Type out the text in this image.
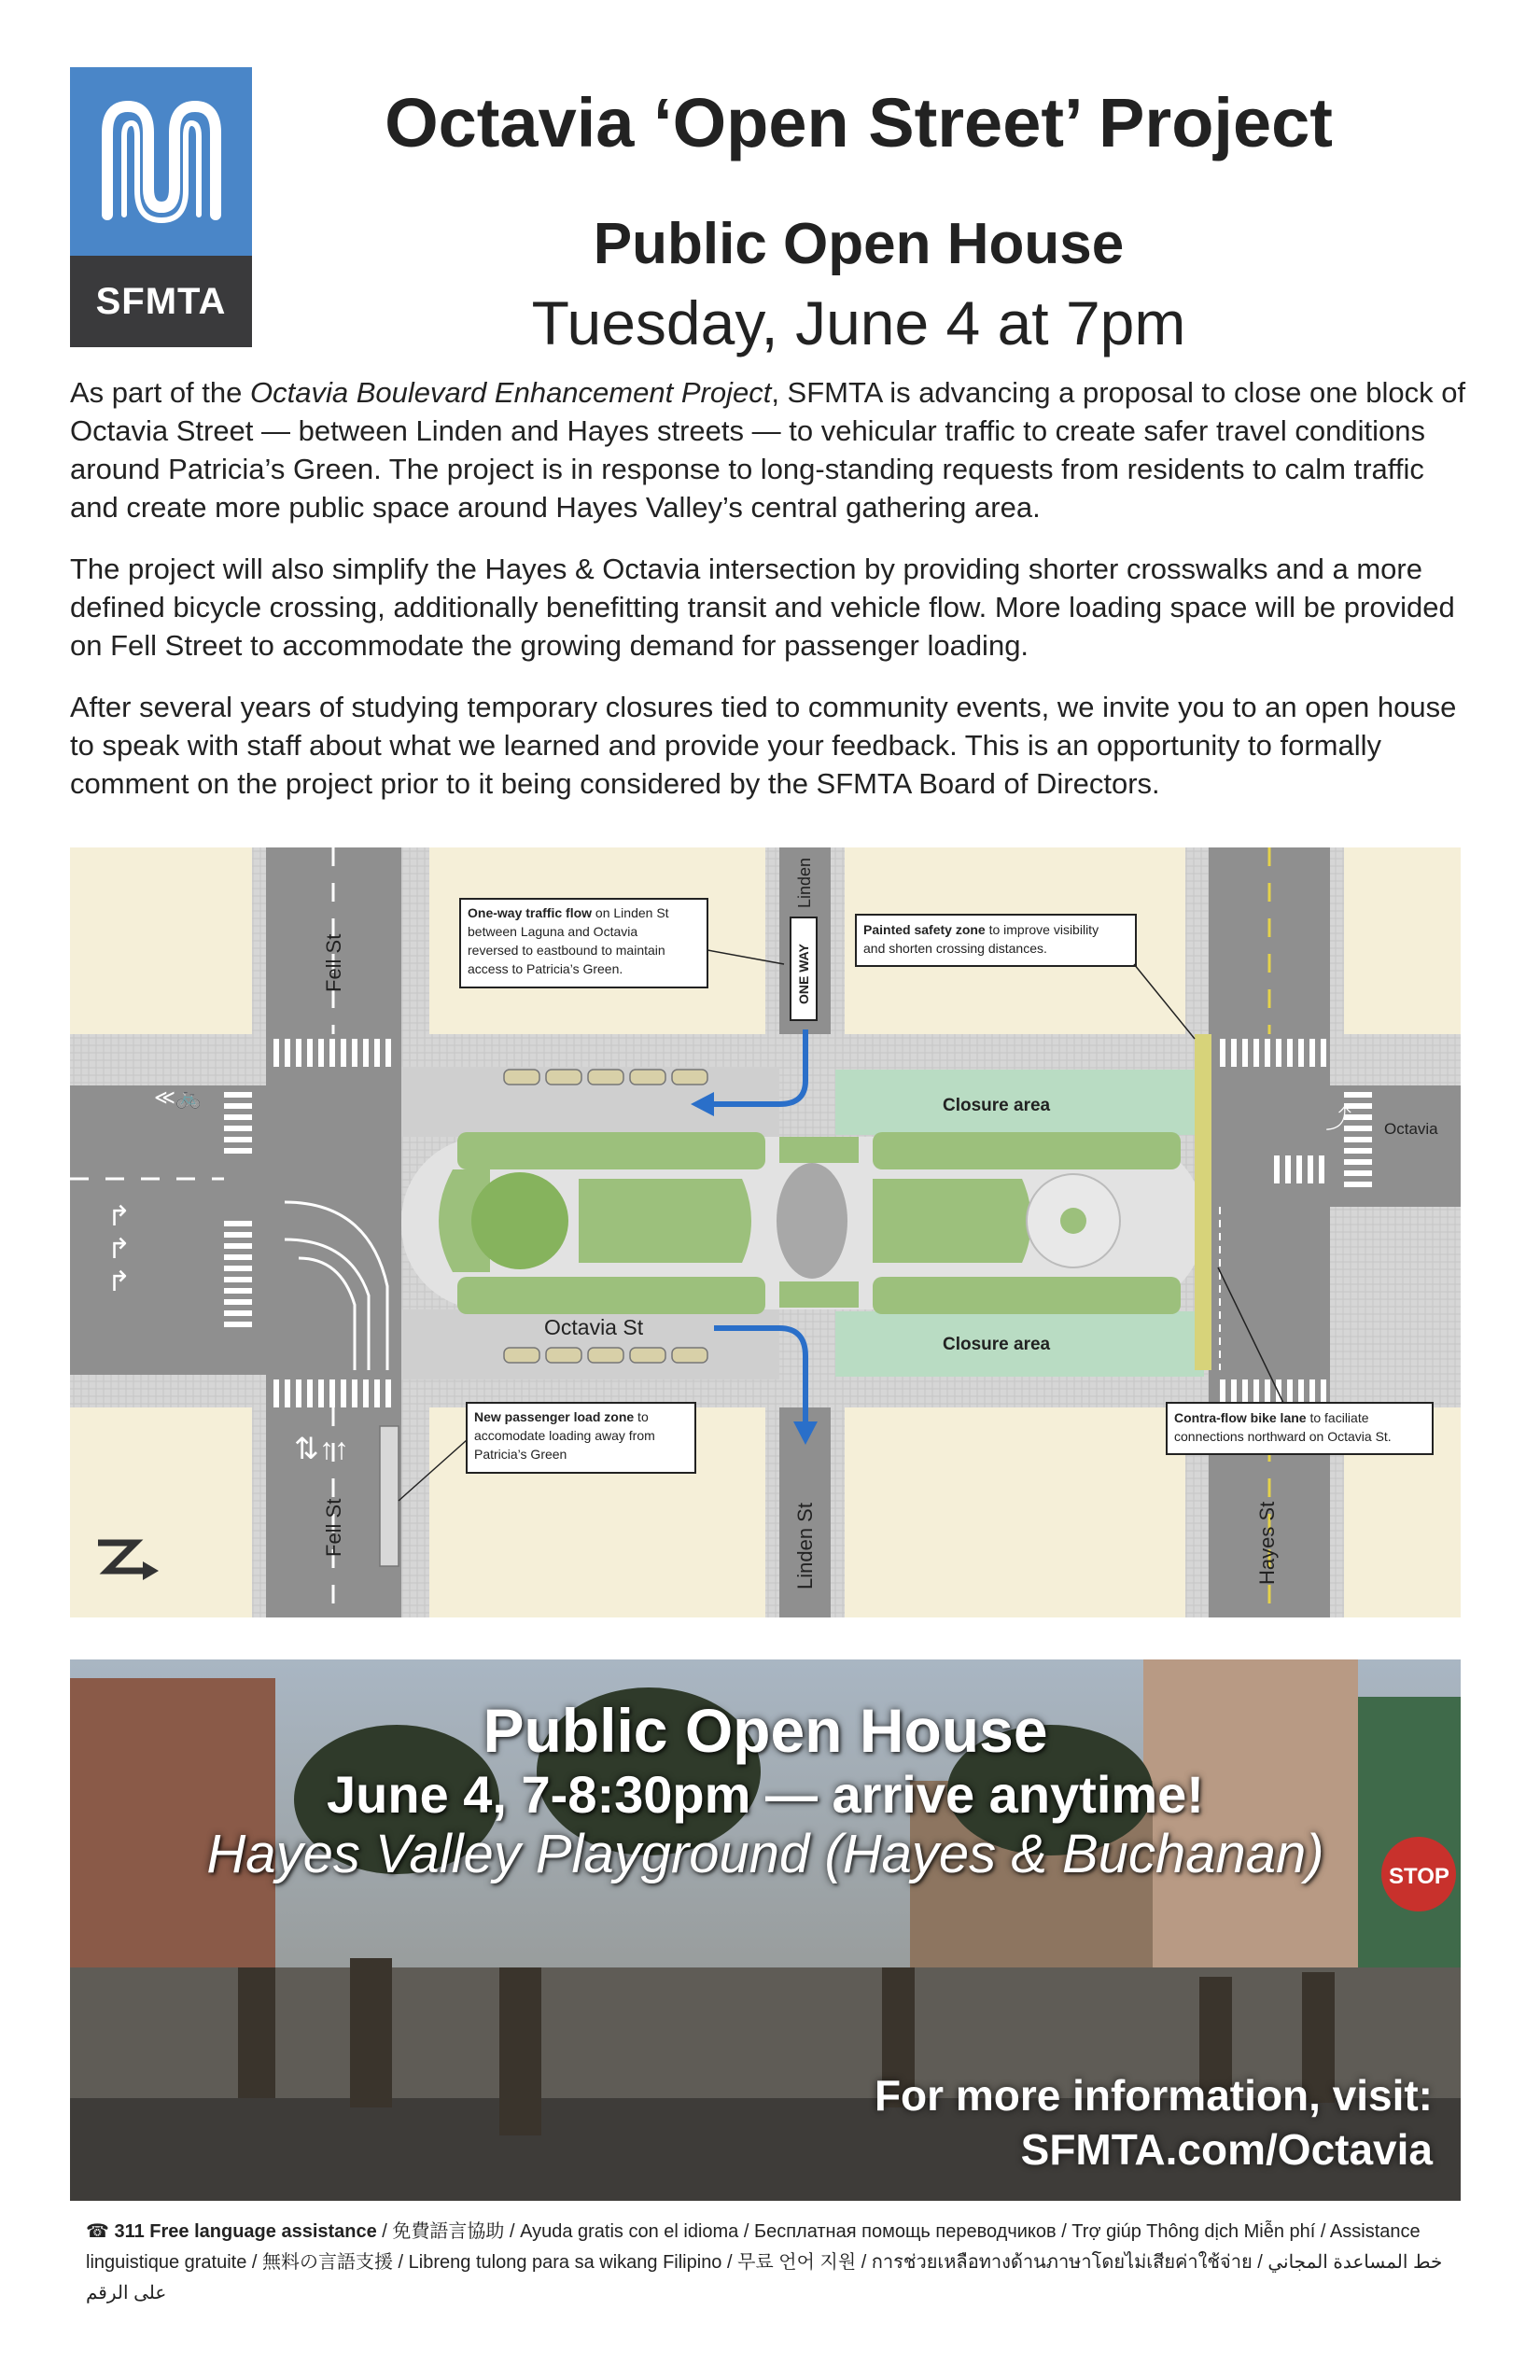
SFMTA
Octavia ‘Open Street’ Project
Public Open House
Tuesday, June 4 at 7pm

As part of the Octavia Boulevard Enhancement Project, SFMTA is advancing a proposal to close one block of Octavia Street — between Linden and Hayes streets — to vehicular traffic to create safer travel conditions around Patricia’s Green. The project is in response to long-standing requests from residents to calm traffic and create more public space around Hayes Valley’s central gathering area.

The project will also simplify the Hayes & Octavia intersection by providing shorter crosswalks and a more defined bicycle crossing, additionally benefitting transit and vehicle flow. More loading space will be provided on Fell Street to accommodate the growing demand for passenger loading.

After several years of studying temporary closures tied to community events, we invite you to an open house to speak with staff about what we learned and provide your feedback. This is an opportunity to formally comment on the project prior to it being considered by the SFMTA Board of Directors.

ONE WAY
Fell St
Fell St
Linden
Linden St	Hayes St
Octavia St
Octavia
Closure area
Closure area
↱
↱
↱
⇅↑↑
⤴
≪🚲
One-way traffic flow on Linden St
between Laguna and Octavia
reversed to eastbound to maintain
access to Patricia’s Green.
Painted safety zone to improve visibility
and shorten crossing distances.
New passenger load zone to
accomodate loading away from
Patricia’s Green
Contra-flow bike lane to faciliate
connections northward on Octavia St.
STOP
Public Open House
June 4, 7-8:30pm — arrive anytime!
Hayes Valley Playground (Hayes & Buchanan)
For more information, visit:
SFMTA.com/Octavia
☎ 311 Free language assistance / 免費語言協助 / Ayuda gratis con el idioma / Бесплатная помощь переводчиков / Trợ giúp Thông dịch Miễn phí / Assistance linguistique gratuite / 無料の言語支援 / Libreng tulong para sa wikang Filipino / 무료 언어 지원 / การช่วยเหลือทางด้านภาษาโดยไม่เสียค่าใช้จ่าย / خط المساعدة المجاني على الرقم
